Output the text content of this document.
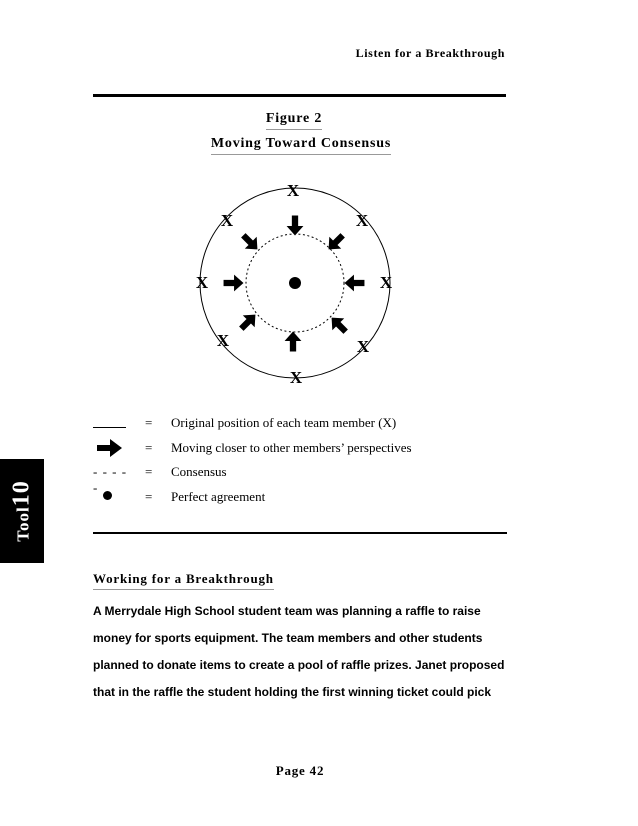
Listen for a Breakthrough
Figure 2
Moving Toward Consensus
X
X	X
X	X
X	X
X
= Original position of each team member (X)
= Moving closer to other members’ perspectives
- - - - -
= Consensus
= Perfect agreement
Tool10
Working for a Breakthrough

A Merrydale High School student team was planning a raffle to raise
money for sports equipment. The team members and other students
planned to donate items to create a pool of raffle prizes. Janet proposed
that in the raffle the student holding the first winning ticket could pick

Page 42
